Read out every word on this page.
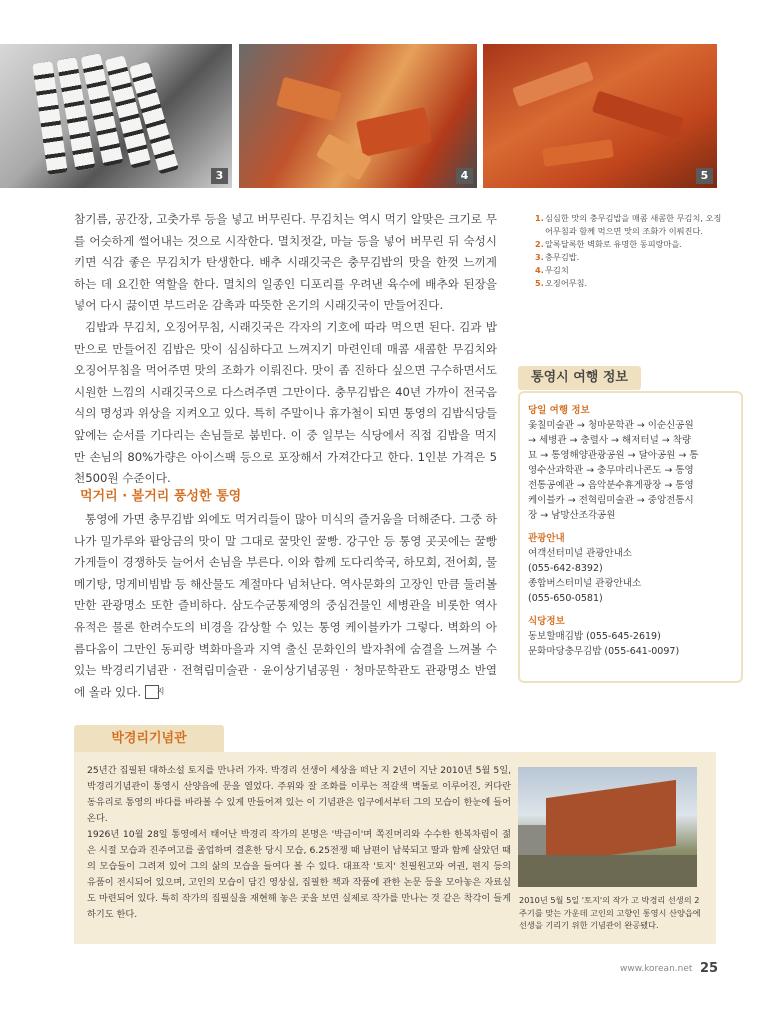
3	4	5

참기름, 공간장, 고춧가루 등을 넣고 버무린다. 무김치는 역시 먹기 알맞은 크기로 무를 어슷하게 썰어내는 것으로 시작한다. 멸치젓갈, 마늘 등을 넣어 버무린 뒤 숙성시키면 식감 좋은 무김치가 탄생한다. 배추 시래깃국은 충무김밥의 맛을 한껏 느끼게 하는 데 요긴한 역할을 한다. 멸치의 일종인 디포리를 우려낸 육수에 배추와 된장을 넣어 다시 끓이면 부드러운 감촉과 따뜻한 온기의 시래깃국이 만들어진다.

김밥과 무김치, 오징어무침, 시래깃국은 각자의 기호에 따라 먹으면 된다. 김과 밥만으로 만들어진 김밥은 맛이 심심하다고 느껴지기 마련인데 매콤 새콤한 무김치와 오징어무침을 먹어주면 맛의 조화가 이뤄진다. 맛이 좀 진하다 싶으면 구수하면서도 시원한 느낌의 시래깃국으로 다스려주면 그만이다. 충무김밥은 40년 가까이 전국음식의 명성과 위상을 지켜오고 있다. 특히 주말이나 휴가철이 되면 통영의 김밥식당들 앞에는 순서를 기다리는 손님들로 붐빈다. 이 중 일부는 식당에서 직접 김밥을 먹지만 손님의 80%가량은 아이스팩 등으로 포장해서 가져간다고 한다. 1인분 가격은 5천500원 수준이다.

먹거리 · 볼거리 풍성한 통영

통영에 가면 충무김밥 외에도 먹거리들이 많아 미식의 즐거움을 더해준다. 그중 하나가 밀가루와 팥앙금의 맛이 말 그대로 꿀맛인 꿀빵. 강구안 등 통영 곳곳에는 꿀빵 가게들이 경쟁하듯 늘어서 손님을 부른다. 이와 함께 도다리쑥국, 하모회, 전어회, 물메기탕, 멍게비빔밥 등 해산물도 계절마다 넘쳐난다. 역사문화의 고장인 만큼 둘러볼 만한 관광명소 또한 즐비하다. 삼도수군통제영의 중심건물인 세병관을 비롯한 역사 유적은 물론 한려수도의 비경을 감상할 수 있는 통영 케이블카가 그렇다. 벽화의 아름다움이 그만인 동피랑 벽화마을과 지역 출신 문화인의 발자취에 숨결을 느껴볼 수 있는 박경리기념관 · 전혁림미술관 · 윤이상기념공원 · 청마문학관도 관광명소 반열에 올라 있다. 지

1. 심심한 맛의 충무김밥을 매콤 새콤한 무김치, 오징어무침과 함께 먹으면 맛의 조화가 이뤄진다.
2. 알록달록한 벽화로 유명한 동피랑마을.
3. 충무김밥.
4. 무김치
5. 오징어무침.
통영시 여행 정보
당일 여행 정보
옻칠미술관 → 청마문학관 → 이순신공원
→ 세병관 → 충렬사 → 해저터널 → 착량
묘 → 통영해양관광공원 → 달아공원 → 통
영수산과학관 → 충무마리나콘도 → 통영
전통공예관 → 음악분수휴게광장 → 통영
케이블카 → 전혁림미술관 → 중앙전통시
장 → 남망산조각공원
관광안내
여객선터미널 관광안내소
(055-642-8392)
종합버스터미널 관광안내소
(055-650-0581)
식당정보
동보할매김밥 (055-645-2619)
문화마당충무김밥 (055-641-0097)
박경리기념관

25년간 집필된 대하소설 토지를 만나러 가자. 박경리 선생이 세상을 떠난 지 2년이 지난 2010년 5월 5일, 박경리기념관이 통영시 산양읍에 문을 열었다. 주위와 잘 조화를 이루는 적갈색 벽돌로 이루어진, 커다란 동유리로 통영의 바다를 바라볼 수 있게 만들어져 있는 이 기념관은 입구에서부터 그의 모습이 한눈에 들어온다.

1926년 10월 28일 통영에서 태어난 박경리 작가의 본명은 '박금이'며 쪽진머리와 수수한 한복차림이 젊은 시절 모습과 진주여고를 졸업하며 결혼한 당시 모습, 6.25전쟁 때 남편이 납북되고 딸과 함께 살았던 때의 모습들이 그려져 있어 그의 삶의 모습을 들여다 볼 수 있다. 대표작 '토지' 친필원고와 여권, 편지 등의 유품이 전시되어 있으며, 고인의 모습이 담긴 영상실, 집필한 책과 작품에 관한 논문 등을 모아놓은 자료실도 마련되어 있다. 특히 작가의 집필실을 재현해 놓은 곳을 보면 실제로 작가를 만나는 것 같은 착각이 들게 하기도 한다.

2010년 5월 5일 '토지'의 작가 고 박경리 선생의 2주기를 맞는 가운데 고인의 고향인 통영시 산양읍에 선생을 기리기 위한 기념관이 완공됐다.
www.korean.net 25
